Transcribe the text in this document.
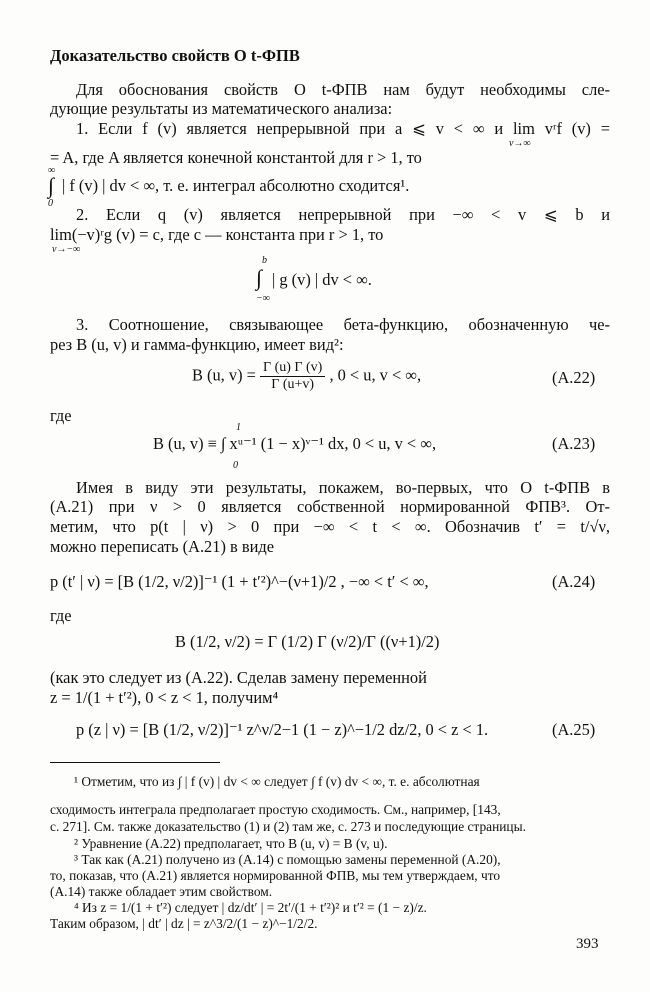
Доказательство свойств О t-ФПВ
Для обоснования свойств О t-ФПВ нам будут необходимы сле-
дующие результаты из математического анализа:
1. Если f (v) является непрерывной при a ⩽ v < ∞ и lim vʳf (v) =
v→∞
= A, где A является конечной константой для r > 1, то
∞
∫
0
| f (v) | dv < ∞, т. е. интеграл абсолютно сходится¹.
2. Если q (v) является непрерывной при −∞ < v ⩽ b и
lim(−v)ʳg (v) = c, где c — константа при r > 1, то
v→−∞
b
∫
−∞
| g (v) | dv < ∞.
3. Соотношение, связывающее бета-функцию, обозначенную че-
рез B (u, v) и гамма-функцию, имеет вид²:
B (u, $v) = \frac{\Gamma (u) \Gamma (v)}{\Gamma (u+v)}$ , 0 < u, v < ∞,	(A.22)
где
B (u, v) ≡ ∫ xᵘ⁻¹ (1 − x)ᵛ⁻¹ dx, 0 < u, v < ∞,
1
0
(A.23)
Имея в виду эти результаты, покажем, во-первых, что О t-ФПВ в
(A.21) при ν > 0 является собственной нормированной ФПВ³. От-
метим, что p(t | ν) > 0 при −∞ < t < ∞. Обозначив t′ = t/√ν,
можно переписать (A.21) в виде
p (t′ | ν) = [B (1/2, ν/2)]⁻¹ (1 + t′²)^−(ν+1)/2 , −∞ < t′ < ∞,	(A.24)
где
B (1/2, ν/2) = Γ (1/2) Γ (ν/2)/Γ ((ν+1)/2)
(как это следует из (A.22). Сделав замену переменной
z = 1/(1 + t′²), 0 < z < 1, получим⁴
p (z | ν) = [B (1/2, ν/2)]⁻¹ z^ν/2−1 (1 − z)^−1/2 dz/2, 0 < z < 1.	(A.25)
¹ Отметим, что из ∫ | f (v) | dv < ∞ следует ∫ f (v) dv < ∞, т. е. абсолютная
сходимость интеграла предполагает простую сходимость. См., например, [143,
с. 271]. См. также доказательство (1) и (2) там же, с. 273 и последующие страницы.
² Уравнение (A.22) предполагает, что B (u, v) = B (v, u).
³ Так как (A.21) получено из (A.14) с помощью замены переменной (A.20),
то, показав, что (A.21) является нормированной ФПВ, мы тем утверждаем, что
(A.14) также обладает этим свойством.
⁴ Из z = 1/(1 + t′²) следует | dz/dt′ | = 2t′/(1 + t′²)² и t′² = (1 − z)/z.
Таким образом, | dt′ | dz | = z^3/2/(1 − z)^−1/2/2.
393
